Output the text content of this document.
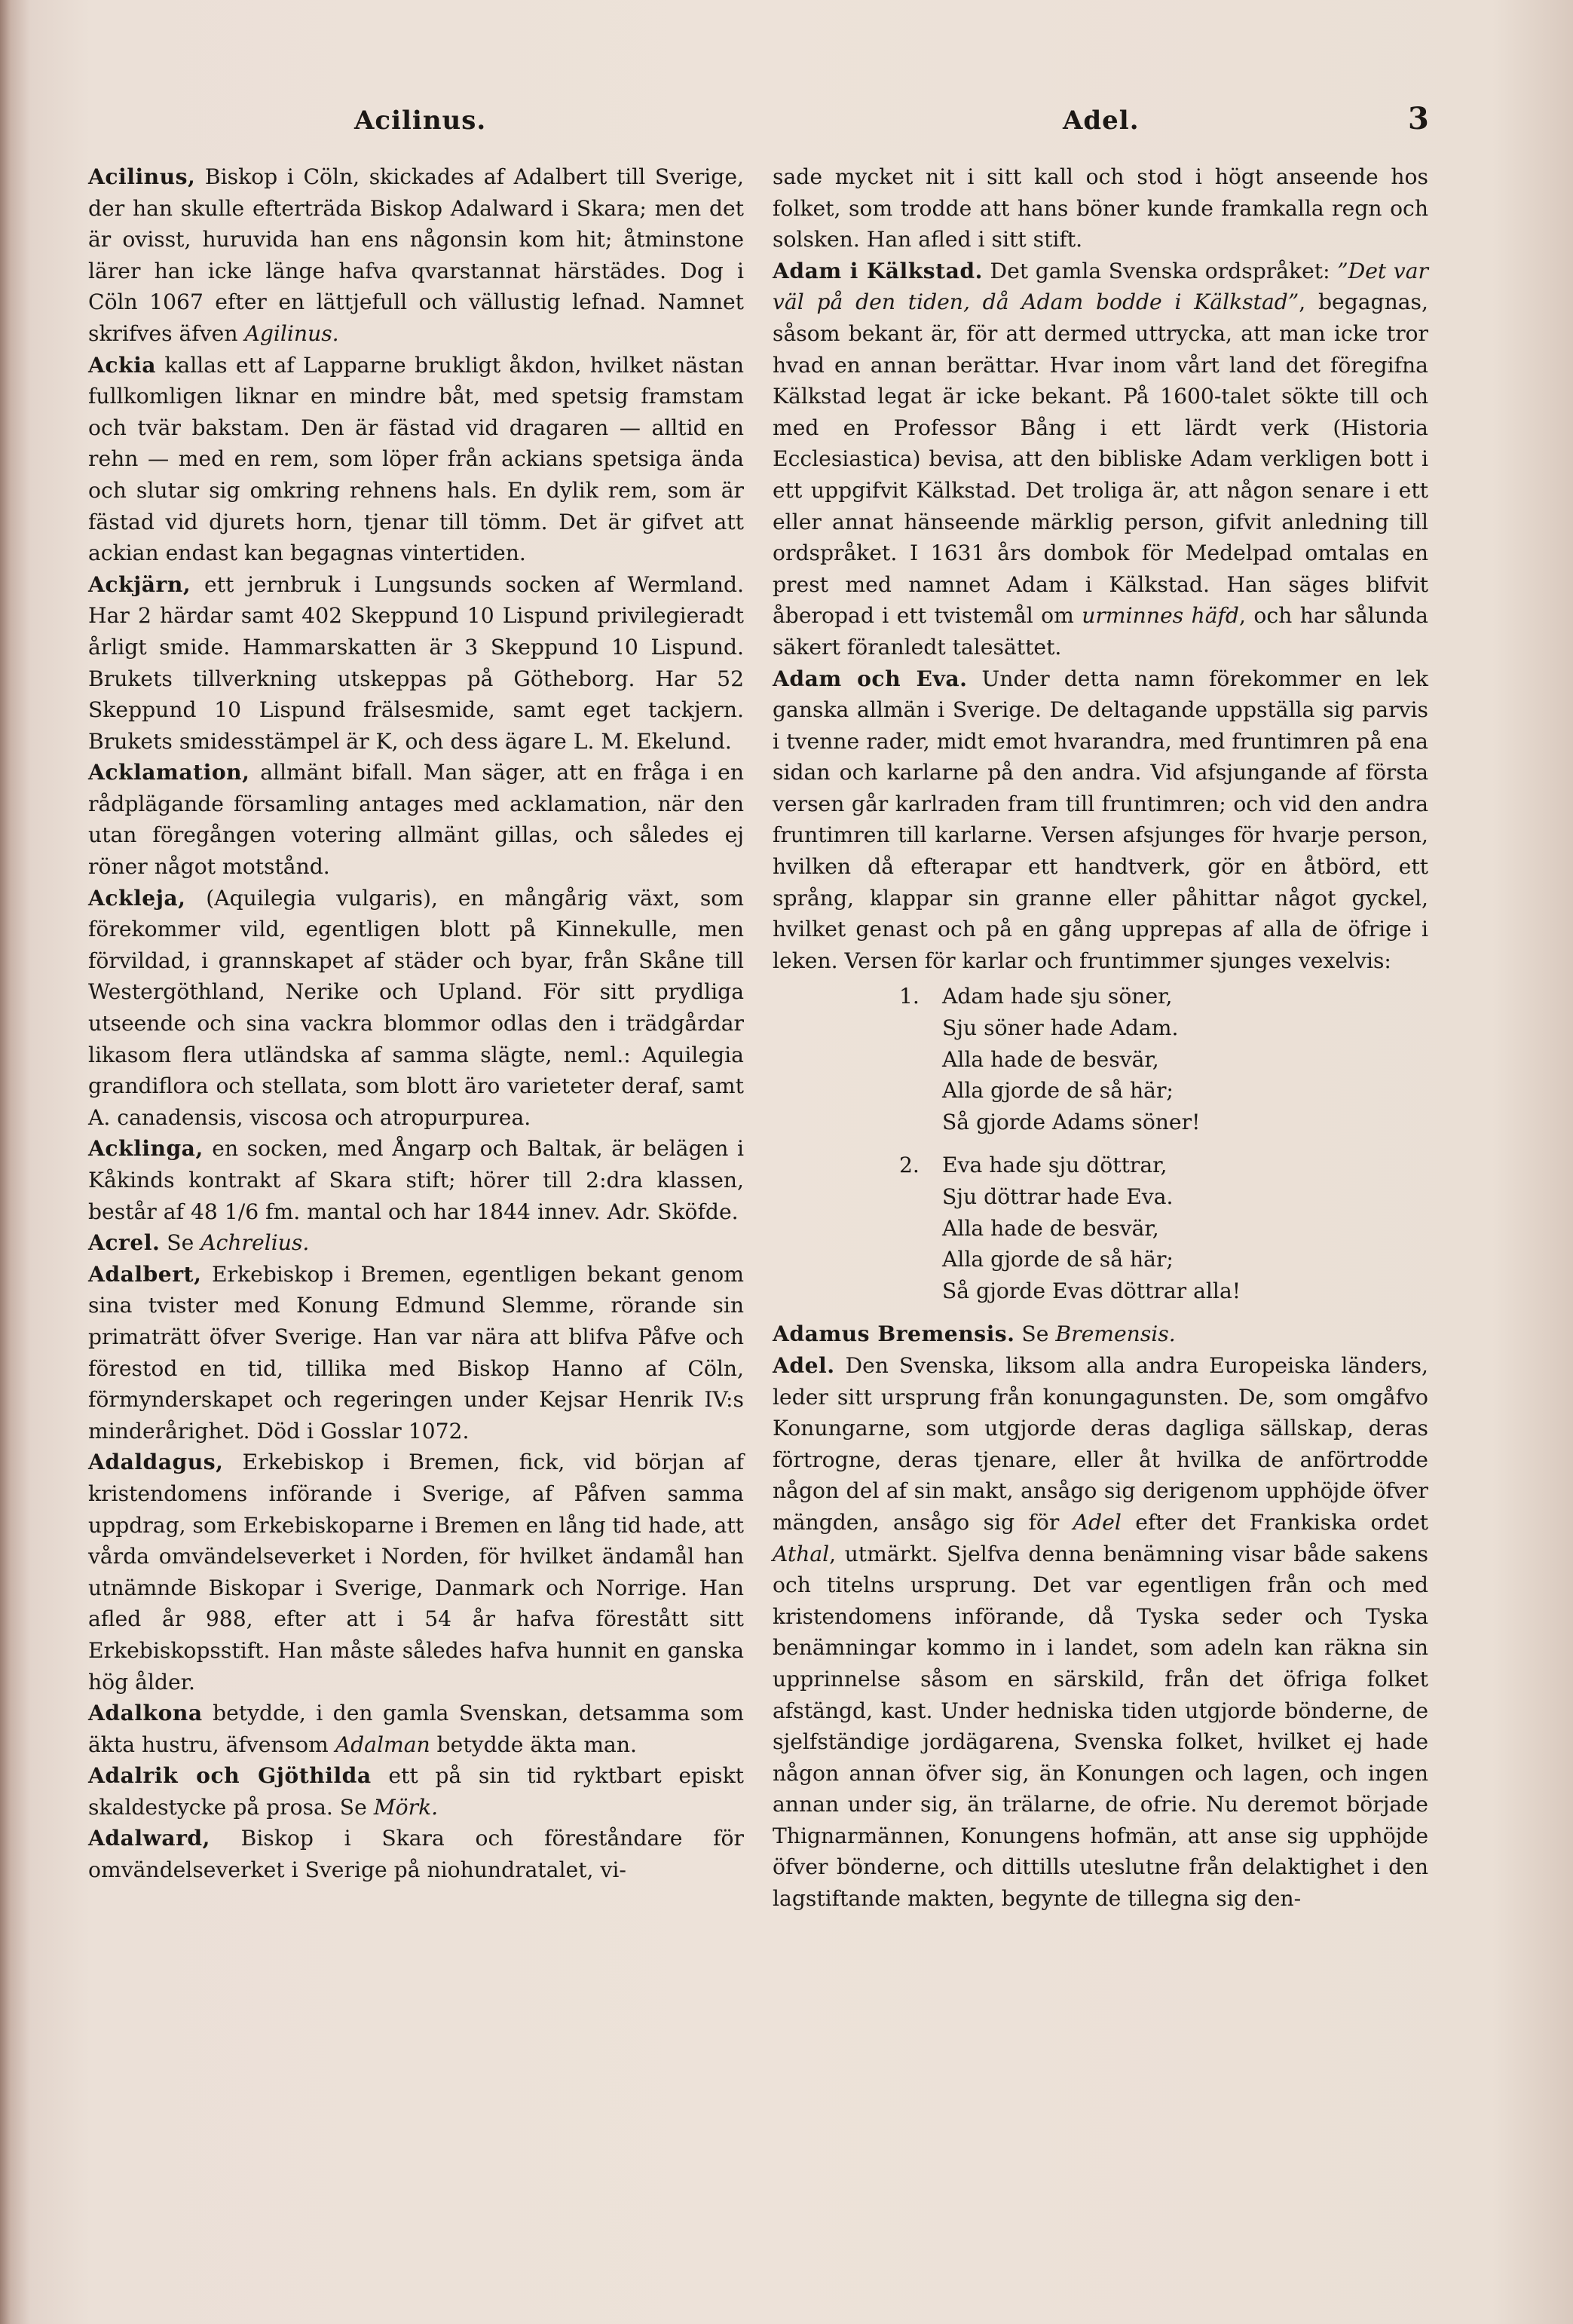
Acilinus.	Adel.	3

Acilinus, Biskop i Cöln, skickades af Adalbert till Sverige, der han skulle efterträda Biskop Adalward i Skara; men det är ovisst, huruvida han ens någonsin kom hit; åtminstone lärer han icke länge hafva qvarstannat härstädes. Dog i Cöln 1067 efter en lättjefull och vällustig lefnad. Namnet skrifves äfven Agilinus.

Ackia kallas ett af Lapparne brukligt åkdon, hvilket nästan fullkomligen liknar en mindre båt, med spetsig framstam och tvär bakstam. Den är fästad vid dragaren — alltid en rehn — med en rem, som löper från ackians spetsiga ända och slutar sig omkring rehnens hals. En dylik rem, som är fästad vid djurets horn, tjenar till tömm. Det är gifvet att ackian endast kan begagnas vintertiden.

Ackjärn, ett jernbruk i Lungsunds socken af Wermland. Har 2 härdar samt 402 Skeppund 10 Lispund privilegieradt årligt smide. Hammarskatten är 3 Skeppund 10 Lispund. Brukets tillverkning utskeppas på Götheborg. Har 52 Skeppund 10 Lispund frälsesmide, samt eget tackjern. Brukets smidesstämpel är K, och dess ägare L. M. Ekelund.

Acklamation, allmänt bifall. Man säger, att en fråga i en rådplägande församling antages med acklamation, när den utan föregången votering allmänt gillas, och således ej röner något motstånd.

Ackleja, (Aquilegia vulgaris), en mångårig växt, som förekommer vild, egentligen blott på Kinnekulle, men förvildad, i grannskapet af städer och byar, från Skåne till Westergöthland, Nerike och Upland. För sitt prydliga utseende och sina vackra blommor odlas den i trädgårdar likasom flera utländska af samma slägte, neml.: Aquilegia grandiflora och stellata, som blott äro varieteter deraf, samt A. canadensis, viscosa och atropurpurea.

Acklinga, en socken, med Ångarp och Baltak, är belägen i Kåkinds kontrakt af Skara stift; hörer till 2:dra klassen, består af 48 1/6 fm. mantal och har 1844 innev. Adr. Sköfde.

Acrel. Se Achrelius.

Adalbert, Erkebiskop i Bremen, egentligen bekant genom sina tvister med Konung Edmund Slemme, rörande sin primaträtt öfver Sverige. Han var nära att blifva Påfve och förestod en tid, tillika med Biskop Hanno af Cöln, förmynderskapet och regeringen under Kejsar Henrik IV:s minderårighet. Död i Gosslar 1072.

Adaldagus, Erkebiskop i Bremen, fick, vid början af kristendomens införande i Sverige, af Påfven samma uppdrag, som Erkebiskoparne i Bremen en lång tid hade, att vårda omvändelseverket i Norden, för hvilket ändamål han utnämnde Biskopar i Sverige, Danmark och Norrige. Han afled år 988, efter att i 54 år hafva förestått sitt Erkebiskopsstift. Han måste således hafva hunnit en ganska hög ålder.

Adalkona betydde, i den gamla Svenskan, detsamma som äkta hustru, äfvensom Adalman betydde äkta man.

Adalrik och Gjöthilda ett på sin tid ryktbart episkt skaldestycke på prosa. Se Mörk.

Adalward, Biskop i Skara och föreståndare för omvändelseverket i Sverige på niohundratalet, vi-

sade mycket nit i sitt kall och stod i högt anseende hos folket, som trodde att hans böner kunde framkalla regn och solsken. Han afled i sitt stift.

Adam i Kälkstad. Det gamla Svenska ordspråket: ”Det var väl på den tiden, då Adam bodde i Kälkstad”, begagnas, såsom bekant är, för att dermed uttrycka, att man icke tror hvad en annan berättar. Hvar inom vårt land det föregifna Kälkstad legat är icke bekant. På 1600-talet sökte till och med en Professor Bång i ett lärdt verk (Historia Ecclesiastica) bevisa, att den bibliske Adam verkligen bott i ett uppgifvit Kälkstad. Det troliga är, att någon senare i ett eller annat hänseende märklig person, gifvit anledning till ordspråket. I 1631 års dombok för Medelpad omtalas en prest med namnet Adam i Kälkstad. Han säges blifvit åberopad i ett tvistemål om urminnes häfd, och har sålunda säkert föranledt talesättet.

Adam och Eva. Under detta namn förekommer en lek ganska allmän i Sverige. De deltagande uppställa sig parvis i tvenne rader, midt emot hvarandra, med fruntimren på ena sidan och karlarne på den andra. Vid afsjungande af första versen går karlraden fram till fruntimren; och vid den andra fruntimren till karlarne. Versen afsjunges för hvarje person, hvilken då efterapar ett handtverk, gör en åtbörd, ett språng, klappar sin granne eller påhittar något gyckel, hvilket genast och på en gång upprepas af alla de öfrige i leken. Versen för karlar och fruntimmer sjunges vexelvis:

1. Adam hade sju söner,

Sju söner hade Adam.

Alla hade de besvär,

Alla gjorde de så här;

Så gjorde Adams söner!

2. Eva hade sju döttrar,

Sju döttrar hade Eva.

Alla hade de besvär,

Alla gjorde de så här;

Så gjorde Evas döttrar alla!

Adamus Bremensis. Se Bremensis.

Adel. Den Svenska, liksom alla andra Europeiska länders, leder sitt ursprung från konungagunsten. De, som omgåfvo Konungarne, som utgjorde deras dagliga sällskap, deras förtrogne, deras tjenare, eller åt hvilka de anförtrodde någon del af sin makt, ansågo sig derigenom upphöjde öfver mängden, ansågo sig för Adel efter det Frankiska ordet Athal, utmärkt. Sjelfva denna benämning visar både sakens och titelns ursprung. Det var egentligen från och med kristendomens införande, då Tyska seder och Tyska benämningar kommo in i landet, som adeln kan räkna sin upprinnelse såsom en särskild, från det öfriga folket afstängd, kast. Under hedniska tiden utgjorde bönderne, de sjelfständige jordägarena, Svenska folket, hvilket ej hade någon annan öfver sig, än Konungen och lagen, och ingen annan under sig, än trälarne, de ofrie. Nu deremot började Thignarmännen, Konungens hofmän, att anse sig upphöjde öfver bönderne, och dittills uteslutne från delaktighet i den lagstiftande makten, begynte de tillegna sig den-
